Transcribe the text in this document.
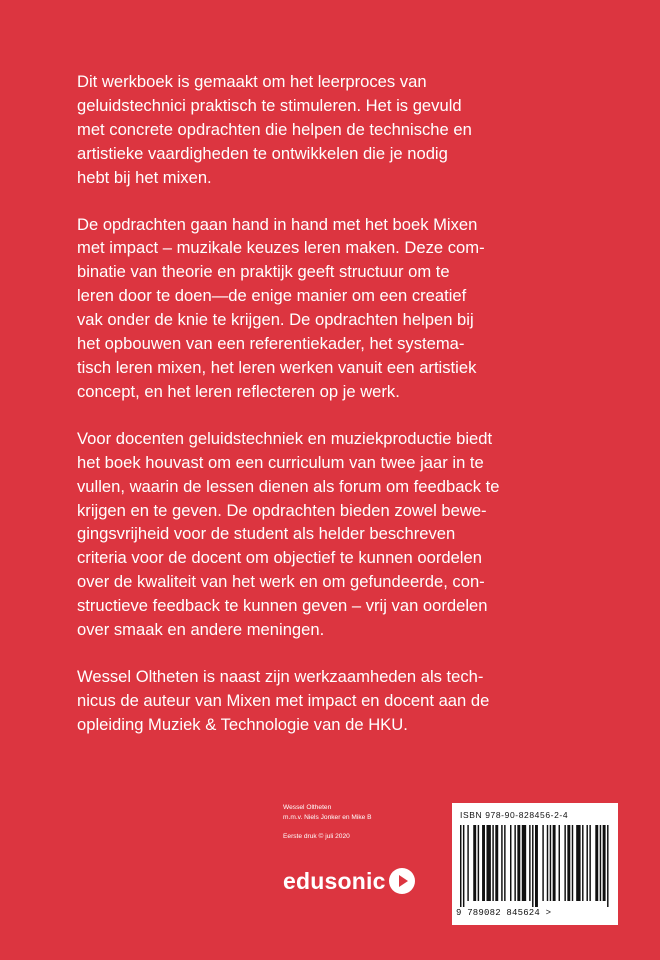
Dit werkboek is gemaakt om het leerproces van
geluidstechnici praktisch te stimuleren. Het is gevuld
met concrete opdrachten die helpen de technische en
artistieke vaardigheden te ontwikkelen die je nodig
hebt bij het mixen.

De opdrachten gaan hand in hand met het boek Mixen
met impact – muzikale keuzes leren maken. Deze com-
binatie van theorie en praktijk geeft structuur om te
leren door te doen—de enige manier om een creatief
vak onder de knie te krijgen. De opdrachten helpen bij
het opbouwen van een referentiekader, het systema-
tisch leren mixen, het leren werken vanuit een artistiek
concept, en het leren reflecteren op je werk.

Voor docenten geluidstechniek en muziekproductie biedt
het boek houvast om een curriculum van twee jaar in te
vullen, waarin de lessen dienen als forum om feedback te
krijgen en te geven. De opdrachten bieden zowel bewe-
gingsvrijheid voor de student als helder beschreven
criteria voor de docent om objectief te kunnen oordelen
over de kwaliteit van het werk en om gefundeerde, con-
structieve feedback te kunnen geven – vrij van oordelen
over smaak en andere meningen.

Wessel Oltheten is naast zijn werkzaamheden als tech-
nicus de auteur van Mixen met impact en docent aan de
opleiding Muziek & Technologie van de HKU.

Wessel Oltheten
m.m.v. Niels Jonker en Mike B
Eerste druk © juli 2020
edusonic
ISBN 978-90-828456-2-4
9 789082 845624 >
